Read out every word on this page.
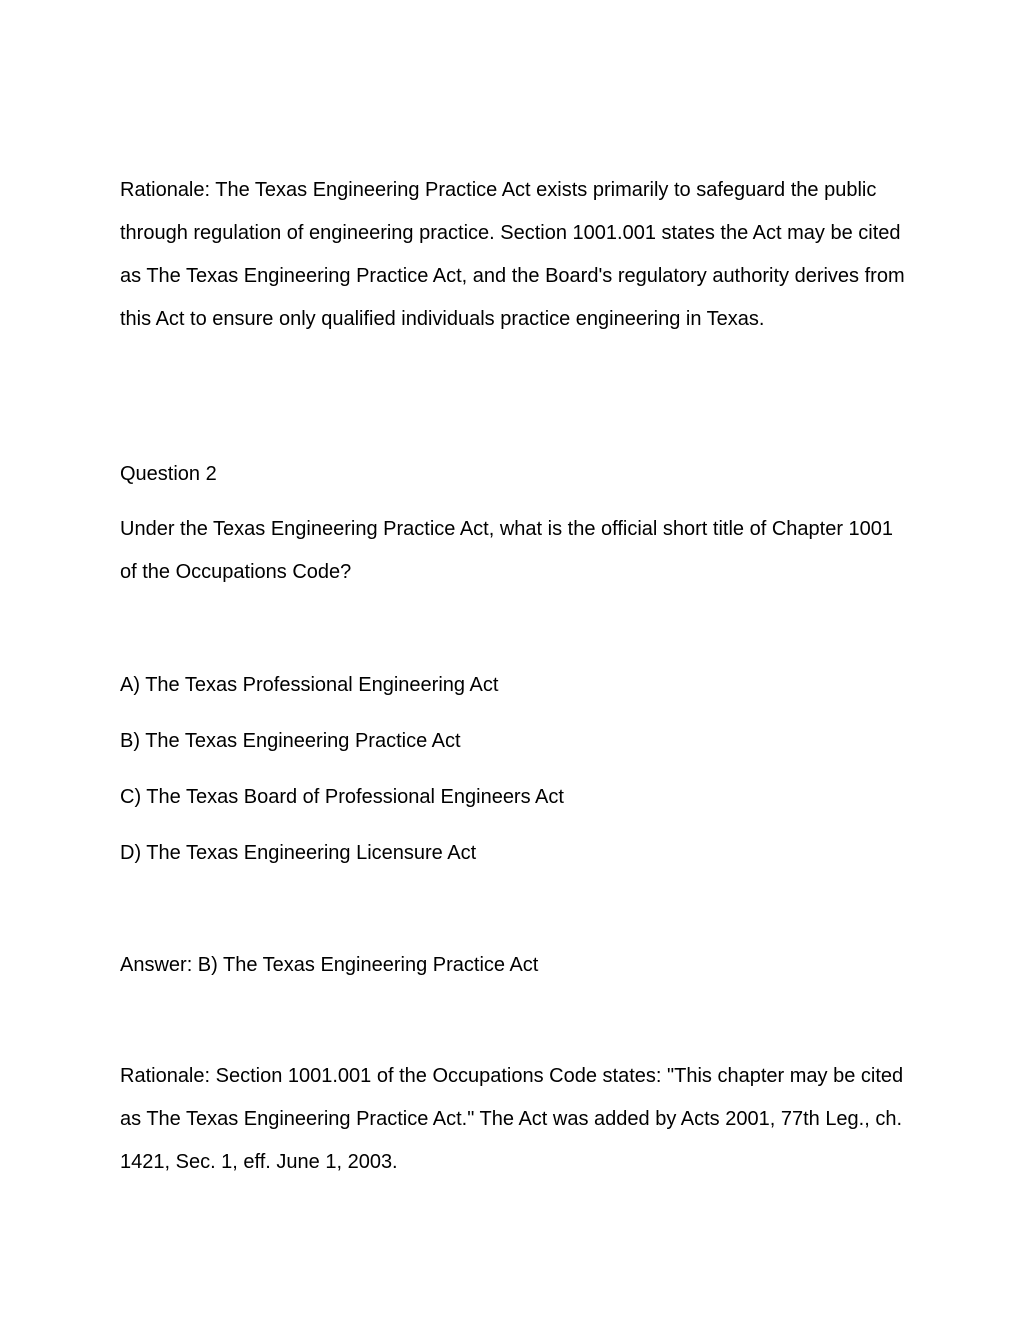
Rationale: The Texas Engineering Practice Act exists primarily to safeguard the public through regulation of engineering practice. Section 1001.001 states the Act may be cited as The Texas Engineering Practice Act, and the Board's regulatory authority derives from this Act to ensure only qualified individuals practice engineering in Texas.

Question 2

Under the Texas Engineering Practice Act, what is the official short title of Chapter 1001 of the Occupations Code?

A) The Texas Professional Engineering Act

B) The Texas Engineering Practice Act

C) The Texas Board of Professional Engineers Act

D) The Texas Engineering Licensure Act

Answer: B) The Texas Engineering Practice Act

Rationale: Section 1001.001 of the Occupations Code states: "This chapter may be cited as The Texas Engineering Practice Act." The Act was added by Acts 2001, 77th Leg., ch. 1421, Sec. 1, eff. June 1, 2003.
